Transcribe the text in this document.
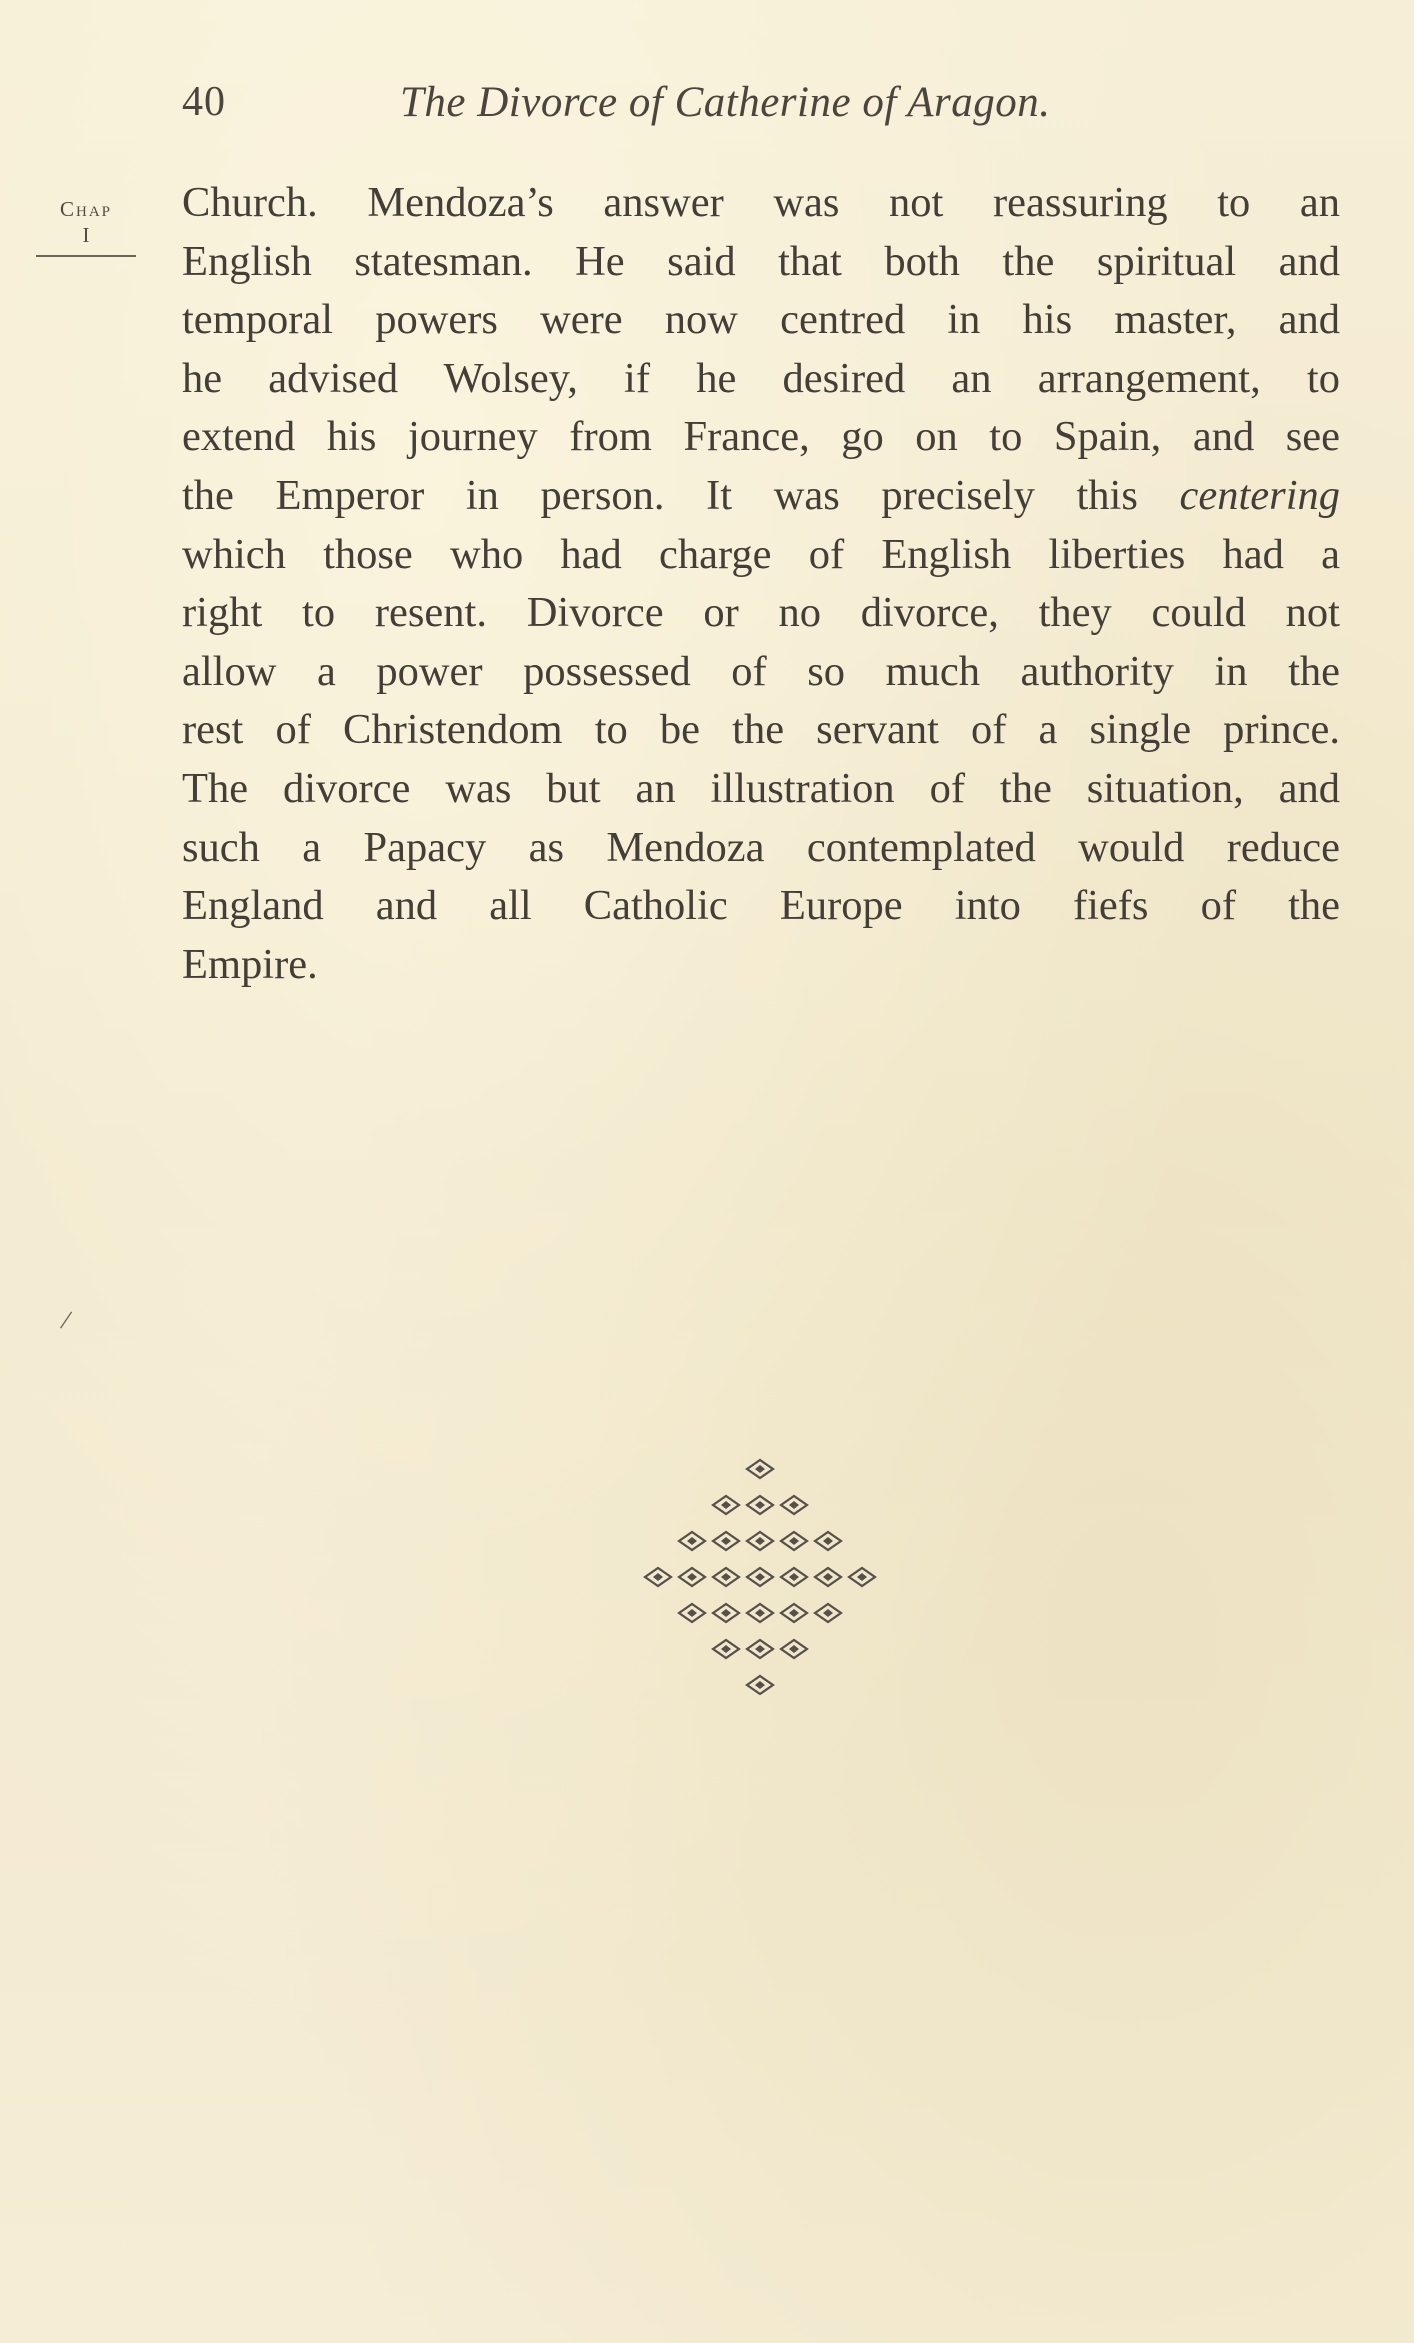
40	The Divorce of Catherine of Aragon.
Chap
I
Church. Mendoza’s answer was not reassuring to an
English statesman. He said that both the spiritual and
temporal powers were now centred in his master, and
he advised Wolsey, if he desired an arrangement, to
extend his journey from France, go on to Spain, and see
the Emperor in person. It was precisely this centering
which those who had charge of English liberties had a
right to resent. Divorce or no divorce, they could not
allow a power possessed of so much authority in the
rest of Christendom to be the servant of a single prince.
The divorce was but an illustration of the situation, and
such a Papacy as Mendoza contemplated would reduce
England and all Catholic Europe into fiefs of the
Empire.
/
